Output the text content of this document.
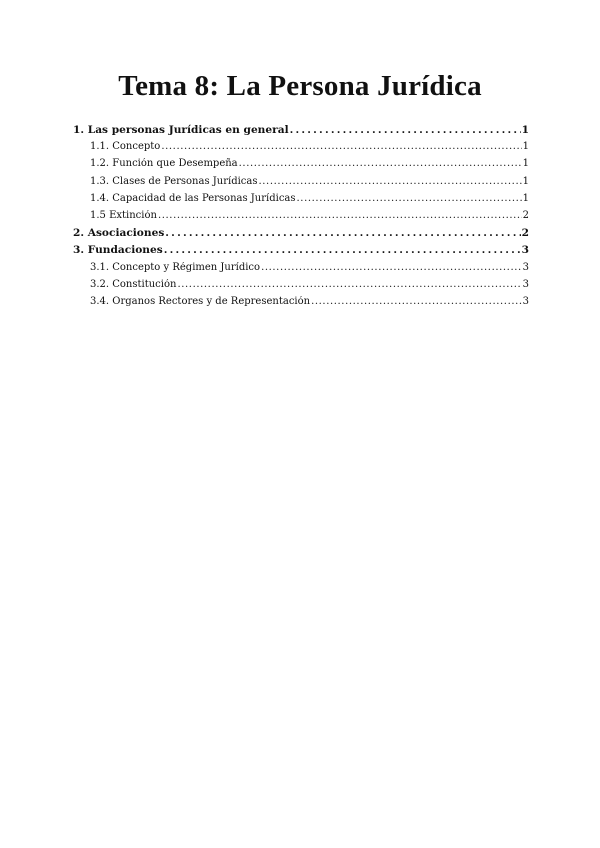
Tema 8: La Persona Jurídica
1. Las personas Jurídicas en general .....	1
1.1. Concepto .....	1
1.2. Función que Desempeña .....	1
1.3. Clases de Personas Jurídicas .....	1
1.4. Capacidad de las Personas Jurídicas .....	1
1.5 Extinción .....	2
2. Asociaciones .....	2
3. Fundaciones .....	3
3.1. Concepto y Régimen Jurídico .....	3
3.2. Constitución .....	3
3.4. Órganos Rectores y de Representación .....	3
